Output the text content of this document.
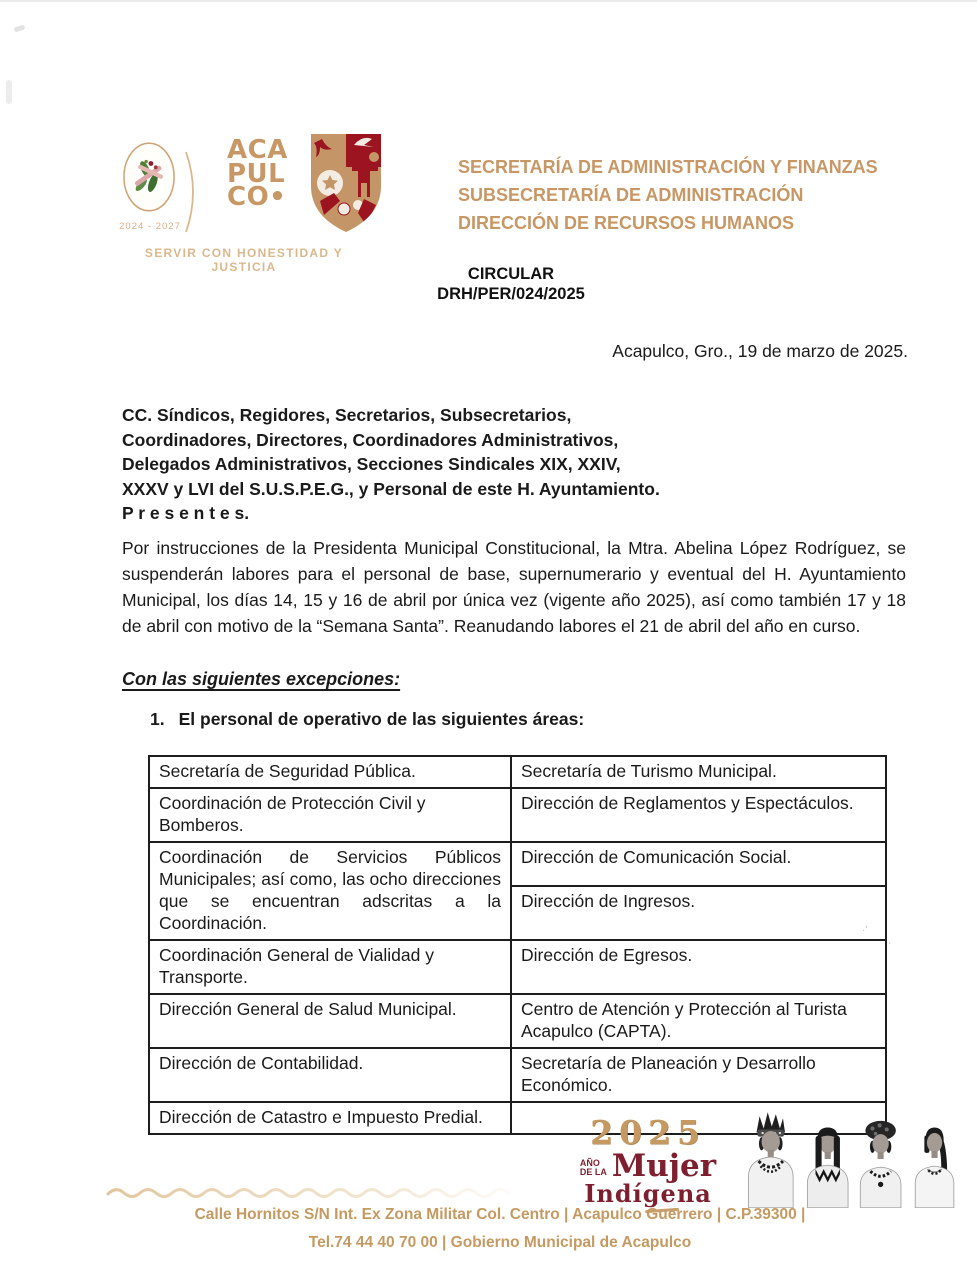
2024 - 2027
ACA
PUL
CO•
SERVIR CON HONESTIDAD Y JUSTICIA
SECRETARÍA DE ADMINISTRACIÓN Y FINANZAS
SUBSECRETARÍA DE ADMINISTRACIÓN
DIRECCIÓN DE RECURSOS HUMANOS
CIRCULAR
DRH/PER/024/2025
Acapulco, Gro., 19 de marzo de 2025.
CC. Síndicos, Regidores, Secretarios, Subsecretarios,
Coordinadores, Directores, Coordinadores Administrativos,
Delegados Administrativos, Secciones Sindicales XIX, XXIV,
XXXV y LVI del S.U.S.P.E.G., y Personal de este H. Ayuntamiento.
P r e s e n t e s.
Por instrucciones de la Presidenta Municipal Constitucional, la Mtra. Abelina López Rodríguez, se suspenderán labores para el personal de base, supernumerario y eventual del H. Ayuntamiento Municipal, los días 14, 15 y 16 de abril por única vez (vigente año 2025), así como también 17 y 18 de abril con motivo de la “Semana Santa”. Reanudando labores el 21 de abril del año en curso.
Con las siguientes excepciones:
1. El personal de operativo de las siguientes áreas:
Secretaría de Seguridad Pública.	Secretaría de Turismo Municipal.
Coordinación de Protección Civil y Bomberos.	Dirección de Reglamentos y Espectáculos.
Coordinación de Servicios Públicos Municipales; así como, las ocho direcciones que se encuentran adscritas a la Coordinación.	Dirección de Comunicación Social.
	Dirección de Ingresos.
Coordinación General de Vialidad y Transporte.	Dirección de Egresos.
Dirección General de Salud Municipal.	Centro de Atención y Protección al Turista Acapulco (CAPTA).
Dirección de Contabilidad.	Secretaría de Planeación y Desarrollo Económico.
Dirección de Catastro e Impuesto Predial.	
·ʹ
ˋ
2025
AÑO
DE LA Mujer
Indígena
Calle Hornitos S/N Int. Ex Zona Militar Col. Centro | Acapulco Guerrero | C.P.39300 |
Tel.74 44 40 70 00 | Gobierno Municipal de Acapulco
